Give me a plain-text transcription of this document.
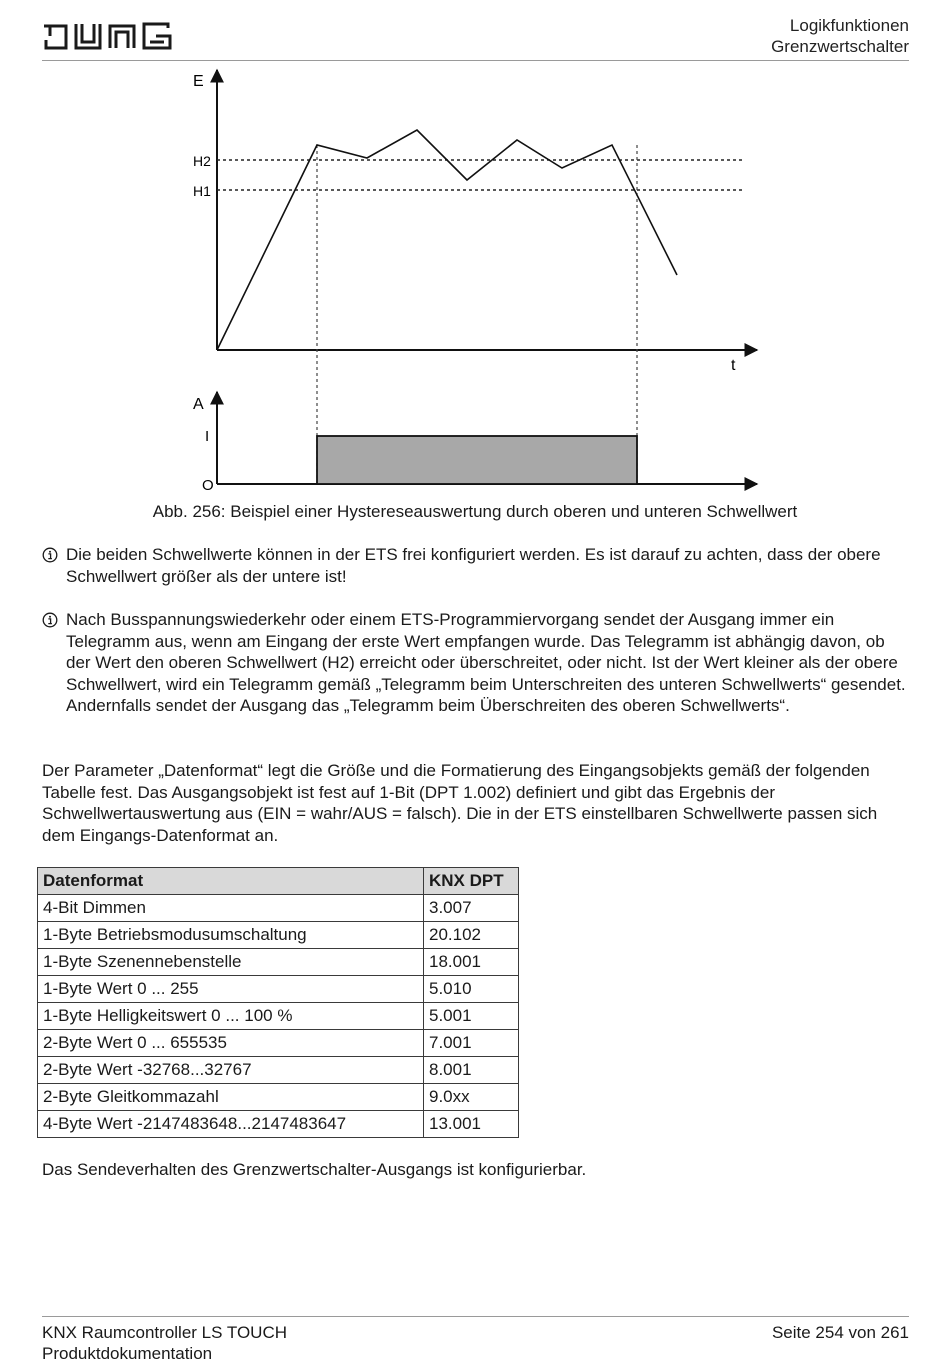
Logikfunktionen
Grenzwertschalter
E
t
A
I
O
H2
H1
Abb. 256: Beispiel einer Hystereseauswertung durch oberen und unteren Schwellwert
Die beiden Schwellwerte können in der ETS frei konfiguriert werden. Es ist darauf zu achten, dass der obere Schwellwert größer als der untere ist!
Nach Busspannungswiederkehr oder einem ETS-Programmiervorgang sendet der Ausgang immer ein Telegramm aus, wenn am Eingang der erste Wert empfangen wurde. Das Telegramm ist abhängig davon, ob der Wert den oberen Schwellwert (H2) erreicht oder überschreitet, oder nicht. Ist der Wert kleiner als der obere Schwellwert, wird ein Telegramm gemäß „Telegramm beim Unterschreiten des unteren Schwellwerts“ gesendet. Andernfalls sendet der Ausgang das „Telegramm beim Überschreiten des oberen Schwellwerts“.
Der Parameter „Datenformat“ legt die Größe und die Formatierung des Eingangsobjekts gemäß der folgenden Tabelle fest. Das Ausgangsobjekt ist fest auf 1-Bit (DPT 1.002) definiert und gibt das Ergebnis der Schwellwertauswertung aus (EIN = wahr/AUS = falsch). Die in der ETS einstellbaren Schwellwerte passen sich dem Eingangs-Datenformat an.
Datenformat	KNX DPT
4-Bit Dimmen	3.007
1-Byte Betriebsmodusumschaltung	20.102
1-Byte Szenennebenstelle	18.001
1-Byte Wert 0 ... 255	5.010
1-Byte Helligkeitswert 0 ... 100 %	5.001
2-Byte Wert 0 ... 655535	7.001
2-Byte Wert -32768...32767	8.001
2-Byte Gleitkommazahl	9.0xx
4-Byte Wert -2147483648...2147483647	13.001
Das Sendeverhalten des Grenzwertschalter-Ausgangs ist konfigurierbar.
KNX Raumcontroller LS TOUCH
Produktdokumentation
Seite 254 von 261
